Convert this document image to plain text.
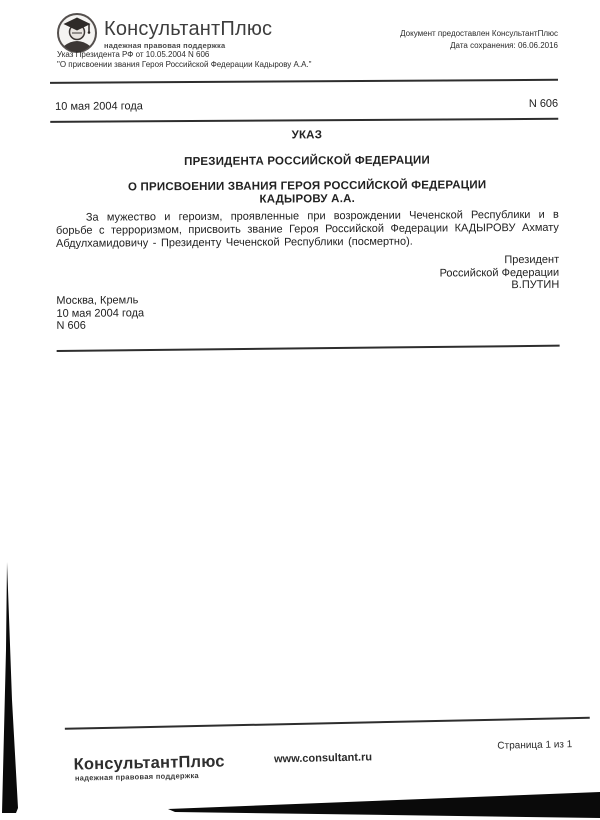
КонсультантПлюс
надежная правовая поддержка
Указ Президента РФ от 10.05.2004 N 606
"О присвоении звания Героя Российской Федерации Кадырову А.А."
Документ предоставлен КонсультантПлюс
Дата сохранения: 06.06.2016
10 мая 2004 года	N 606
УКАЗ
ПРЕЗИДЕНТА РОССИЙСКОЙ ФЕДЕРАЦИИ
О ПРИСВОЕНИИ ЗВАНИЯ ГЕРОЯ РОССИЙСКОЙ ФЕДЕРАЦИИ
КАДЫРОВУ А.А.

За мужество и героизм, проявленные при возрождении Чеченской Республики и в борьбе с терроризмом, присвоить звание Героя Российской Федерации КАДЫРОВУ Ахмату Абдулхамидовичу - Президенту Чеченской Республики (посмертно).

Президент
Российской Федерации
В.ПУТИН
Москва, Кремль
10 мая 2004 года
N 606
КонсультантПлюс
надежная правовая поддержка
www.consultant.ru
Страница 1 из 1
